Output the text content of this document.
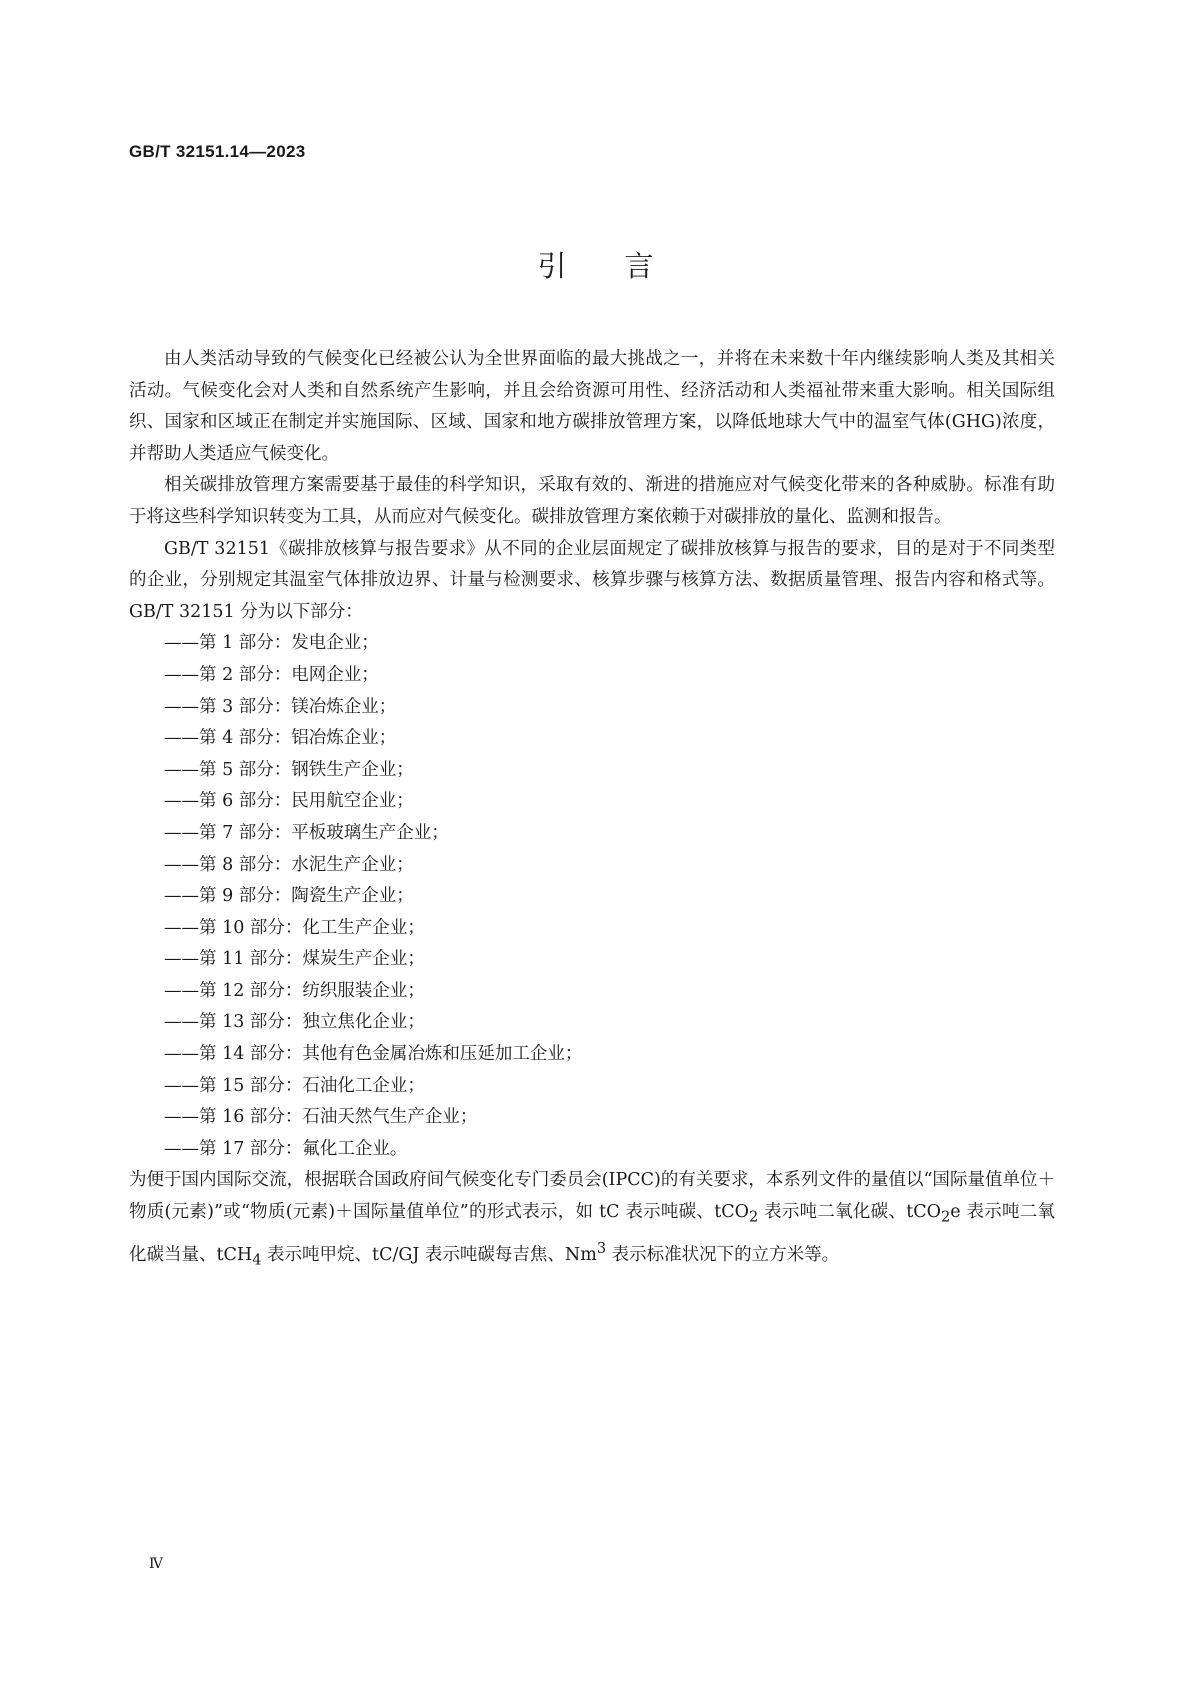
GB/T 32151.14—2023
引言

由人类活动导致的气候变化已经被公认为全世界面临的最大挑战之一，并将在未来数十年内继续影响人类及其相关活动。气候变化会对人类和自然系统产生影响，并且会给资源可用性、经济活动和人类福祉带来重大影响。相关国际组织、国家和区域正在制定并实施国际、区域、国家和地方碳排放管理方案，以降低地球大气中的温室气体(GHG)浓度，并帮助人类适应气候变化。

相关碳排放管理方案需要基于最佳的科学知识，采取有效的、渐进的措施应对气候变化带来的各种威胁。标准有助于将这些科学知识转变为工具，从而应对气候变化。碳排放管理方案依赖于对碳排放的量化、监测和报告。

GB/T 32151《碳排放核算与报告要求》从不同的企业层面规定了碳排放核算与报告的要求，目的是对于不同类型的企业，分别规定其温室气体排放边界、计量与检测要求、核算步骤与核算方法、数据质量管理、报告内容和格式等。GB/T 32151 分为以下部分：

——第 1 部分：发电企业；
——第 2 部分：电网企业；
——第 3 部分：镁冶炼企业；
——第 4 部分：铝冶炼企业；
——第 5 部分：钢铁生产企业；
——第 6 部分：民用航空企业；
——第 7 部分：平板玻璃生产企业；
——第 8 部分：水泥生产企业；
——第 9 部分：陶瓷生产企业；
——第 10 部分：化工生产企业；
——第 11 部分：煤炭生产企业；
——第 12 部分：纺织服装企业；
——第 13 部分：独立焦化企业；
——第 14 部分：其他有色金属冶炼和压延加工企业；
——第 15 部分：石油化工企业；
——第 16 部分：石油天然气生产企业；
——第 17 部分：氟化工企业。

为便于国内国际交流，根据联合国政府间气候变化专门委员会(IPCC)的有关要求，本系列文件的量值以“国际量值单位＋物质(元素)”或“物质(元素)＋国际量值单位”的形式表示，如 tC 表示吨碳、tCO$_2$ 表示吨二氧化碳、tCO$_2$e 表示吨二氧化碳当量、tCH$_4$ 表示吨甲烷、tC/GJ 表示吨碳每吉焦、Nm$^3$ 表示标准状况下的立方米等。

Ⅳ
